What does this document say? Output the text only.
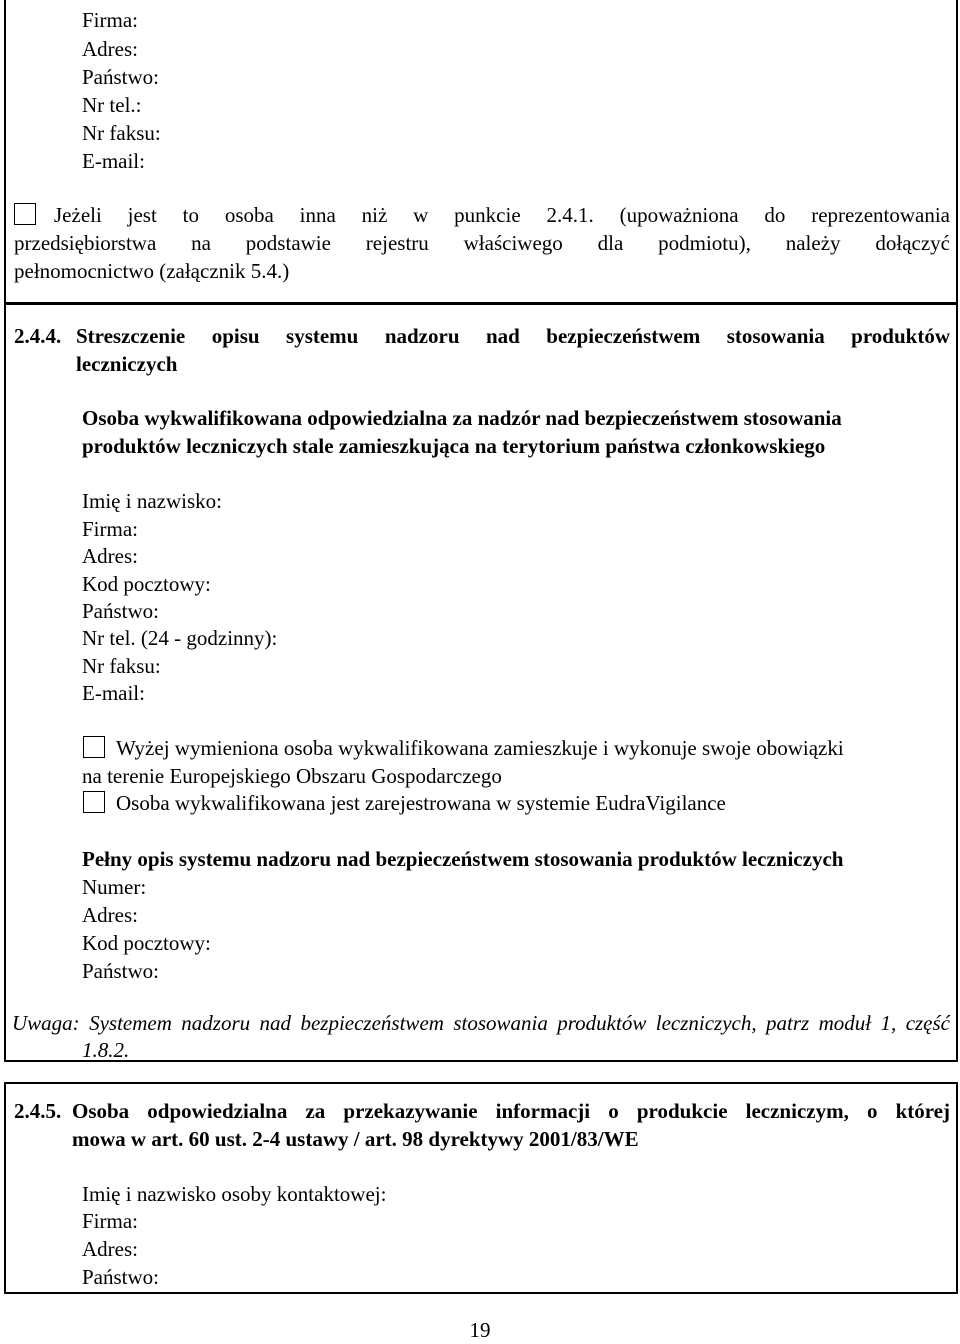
Firma:
Adres:
Państwo:
Nr tel.:
Nr faksu:
E-mail:
Jeżeli jest to osoba inna niż w punkcie 2.4.1. (upoważniona do reprezentowania
przedsiębiorstwa na podstawie rejestru właściwego dla podmiotu), należy dołączyć
pełnomocnictwo (załącznik 5.4.)
2.4.4. Streszczenie opisu systemu nadzoru nad bezpieczeństwem stosowania produktów
leczniczych
Osoba wykwalifikowana odpowiedzialna za nadzór nad bezpieczeństwem stosowania
produktów leczniczych stale zamieszkująca na terytorium państwa członkowskiego
Imię i nazwisko:
Firma:
Adres:
Kod pocztowy:
Państwo:
Nr tel. (24 - godzinny):
Nr faksu:
E-mail:
Wyżej wymieniona osoba wykwalifikowana zamieszkuje i wykonuje swoje obowiązki
na terenie Europejskiego Obszaru Gospodarczego
Osoba wykwalifikowana jest zarejestrowana w systemie EudraVigilance
Pełny opis systemu nadzoru nad bezpieczeństwem stosowania produktów leczniczych
Numer:
Adres:
Kod pocztowy:
Państwo:
Uwaga: Systemem nadzoru nad bezpieczeństwem stosowania produktów leczniczych, patrz moduł 1, część
1.8.2.
2.4.5. Osoba odpowiedzialna za przekazywanie informacji o produkcie leczniczym, o której
mowa w art. 60 ust. 2-4 ustawy / art. 98 dyrektywy 2001/83/WE
Imię i nazwisko osoby kontaktowej:
Firma:
Adres:
Państwo:
19
